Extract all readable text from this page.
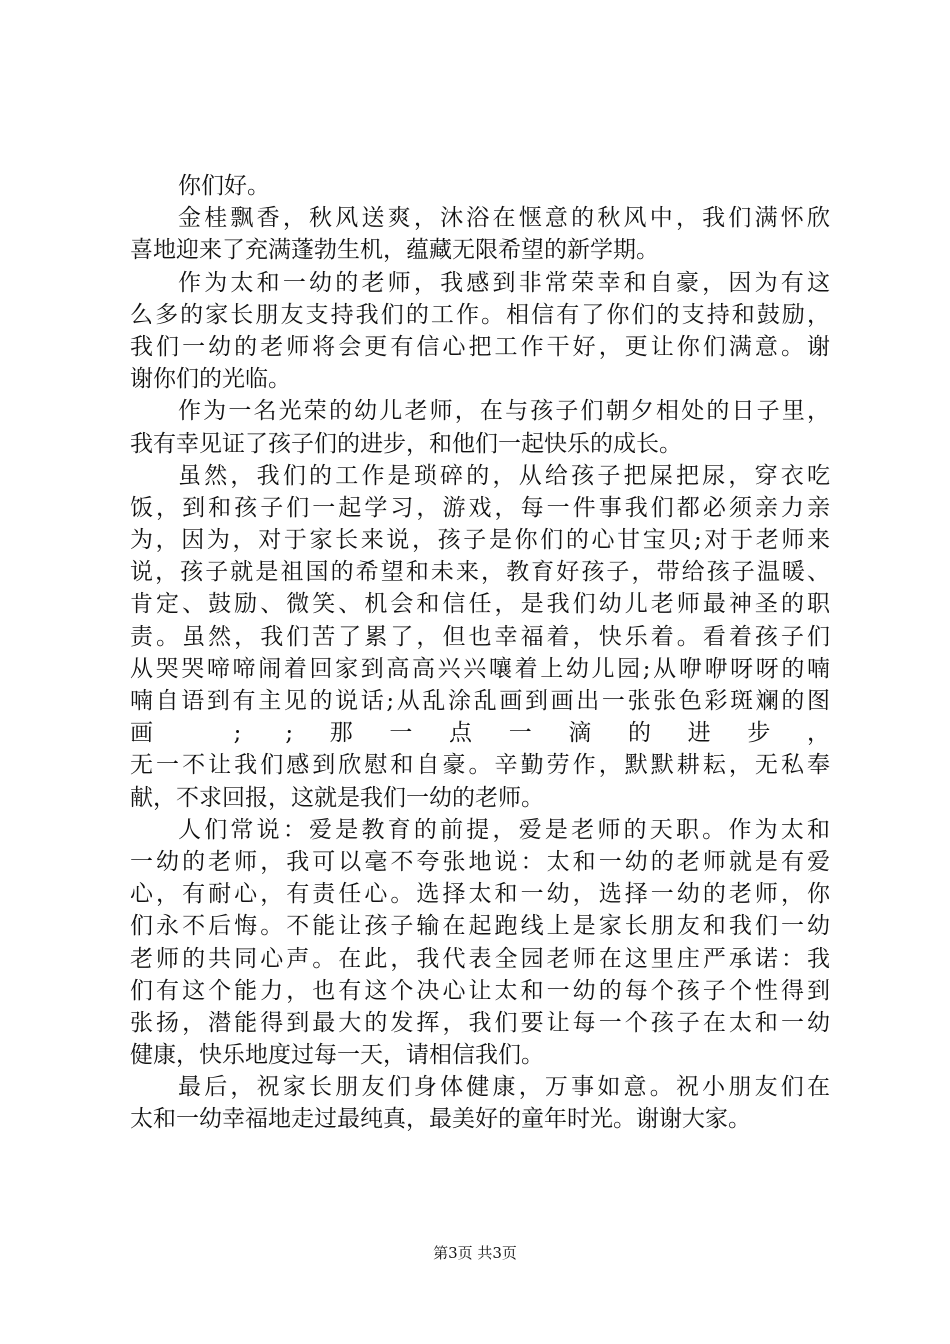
你们好。
金桂飘香，秋风送爽，沐浴在惬意的秋风中，我们满怀欣
喜地迎来了充满蓬勃生机，蕴藏无限希望的新学期。
作为太和一幼的老师，我感到非常荣幸和自豪，因为有这
么多的家长朋友支持我们的工作。相信有了你们的支持和鼓励，
我们一幼的老师将会更有信心把工作干好，更让你们满意。谢
谢你们的光临。
作为一名光荣的幼儿老师，在与孩子们朝夕相处的日子里，
我有幸见证了孩子们的进步，和他们一起快乐的成长。
虽然，我们的工作是琐碎的，从给孩子把屎把尿，穿衣吃
饭，到和孩子们一起学习，游戏，每一件事我们都必须亲力亲
为，因为，对于家长来说，孩子是你们的心甘宝贝;对于老师来
说，孩子就是祖国的希望和未来，教育好孩子，带给孩子温暖、
肯定、鼓励、微笑、机会和信任，是我们幼儿老师最神圣的职
责。虽然，我们苦了累了，但也幸福着，快乐着。看着孩子们
从哭哭啼啼闹着回家到高高兴兴嚷着上幼儿园;从咿咿呀呀的喃
喃自语到有主见的说话;从乱涂乱画到画出一张张色彩斑斓的图
画 ; ;那一点一滴的进步，
无一不让我们感到欣慰和自豪。辛勤劳作，默默耕耘，无私奉
献，不求回报，这就是我们一幼的老师。
人们常说：爱是教育的前提，爱是老师的天职。作为太和
一幼的老师，我可以毫不夸张地说：太和一幼的老师就是有爱
心，有耐心，有责任心。选择太和一幼，选择一幼的老师，你
们永不后悔。不能让孩子输在起跑线上是家长朋友和我们一幼
老师的共同心声。在此，我代表全园老师在这里庄严承诺：我
们有这个能力，也有这个决心让太和一幼的每个孩子个性得到
张扬，潜能得到最大的发挥，我们要让每一个孩子在太和一幼
健康，快乐地度过每一天，请相信我们。
最后，祝家长朋友们身体健康，万事如意。祝小朋友们在
太和一幼幸福地走过最纯真，最美好的童年时光。谢谢大家。
第3页 共3页
